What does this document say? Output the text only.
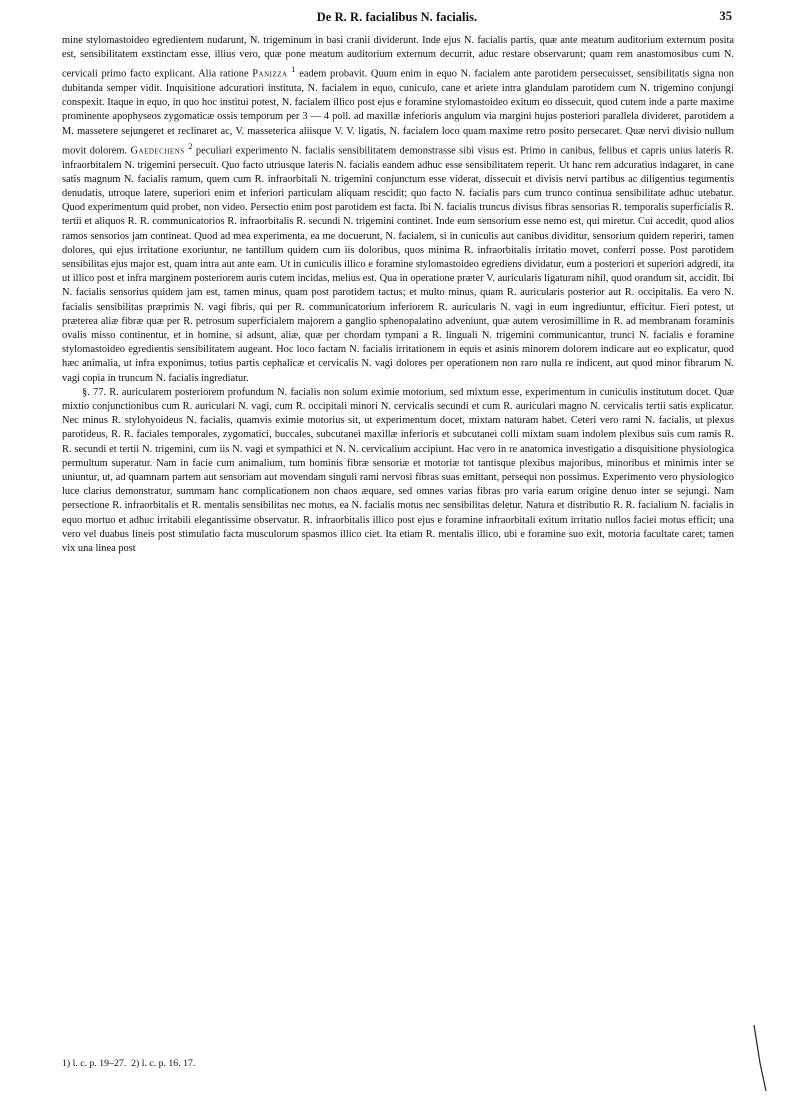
De R. R. facialibus N. facialis.	35

mine stylomastoideo egredientem nudarunt, N. trigeminum in basi cranii dividerunt. Inde ejus N. facialis partis, quæ ante meatum auditorium externum posita est, sensibilitatem exstinctam esse, illius vero, quæ pone meatum auditorium externum decurrit, aduc restare observarunt; quam rem anastomosibus cum N. cervicali primo facto explicant. Alia ratione Panizza $^1$ eadem probavit. Quum enim in equo N. facialem ante parotidem persecuisset, sensibilitatis signa non dubitanda semper vidit. Inquisitione adcuratiori instituta, N. facialem in equo, cuniculo, cane et ariete intra glandulam parotidem cum N. trigemino conjungi conspexit. Itaque in equo, in quo hoc institui potest, N. facialem illico post ejus e foramine stylomastoideo exitum eo dissecuit, quod cutem inde a parte maxime prominente apophyseos zygomaticæ ossis temporum per 3 — 4 poll. ad maxillæ inferioris angulum via margini hujus posteriori parallela divideret, parotidem a M. massetere sejungeret et reclinaret ac, V. masseterica aliisque V. V. ligatis, N. facialem loco quam maxime retro posito persecaret. Quæ nervi divisio nullum movit dolorem. Gaedechens $^2$ peculiari experimento N. facialis sensibilitatem demonstrasse sibi visus est. Primo in canibus, felibus et capris unius lateris R. infraorbitalem N. trigemini persecuit. Quo facto utriusque lateris N. facialis eandem adhuc esse sensibilitatem reperit. Ut hanc rem adcuratius indagaret, in cane satis magnum N. facialis ramum, quem cum R. infraorbitali N. trigemini conjunctum esse viderat, dissecuit et divisis nervi partibus ac diligentius tegumentis denudatis, utroque latere, superiori enim et inferiori particulam aliquam rescidit; quo facto N. facialis pars cum trunco continua sensibilitate adhuc utebatur. Quod experimentum quid probet, non video. Persectio enim post parotidem est facta. Ibi N. facialis truncus divisus fibras sensorias R. temporalis superficialis R. tertii et aliquos R. R. communicatorios R. infraorbitalis R. secundi N. trigemini continet. Inde eum sensorium esse nemo est, qui miretur. Cui accedit, quod alios ramos sensorios jam contineat. Quod ad mea experimenta, ea me docuerunt, N. facialem, si in cuniculis aut canibus dividitur, sensorium quidem reperiri, tamen dolores, qui ejus irritatione exoriuntur, ne tantillum quidem cum iis doloribus, quos minima R. infraorbitalis irritatio movet, conferri posse. Post parotidem sensibilitas ejus major est, quam intra aut ante eam. Ut in cuniculis illico e foramine stylomastoideo egrediens dividatur, eum a posteriori et superiori adgredi, ita ut illico post et infra marginem posteriorem auris cutem incidas, melius est. Qua in operatione præter V. auricularis ligaturam nihil, quod orandum sit, accidit. Ibi N. facialis sensorius quidem jam est, tamen minus, quam post parotidem tactus; et multo minus, quam R. auricularis posterior aut R. occipitalis. Ea vero N. facialis sensibilitas præprimis N. vagi fibris, qui per R. communicatorium inferiorem R. auricularis N. vagi in eum ingrediuntur, efficitur. Fieri potest, ut præterea aliæ fibræ quæ per R. petrosum superficialem majorem a ganglio sphenopalatino adveniunt, quæ autem verosimillime in R. ad membranam foraminis ovalis misso continentur, et in homine, si adsunt, aliæ, quæ per chordam tympani a R. linguali N. trigemini communicantur, trunci N. facialis e foramine stylomastoideo egredientis sensibilitatem augeant. Hoc loco factam N. facialis irritationem in equis et asinis minorem dolorem indicare aut eo explicatur, quod hæc animalia, ut infra exponimus, totius partis cephalicæ et cervicalis N. vagi dolores per operationem non raro nulla re indicent, aut quod minor fibrarum N. vagi copia in truncum N. facialis ingrediatur.

§. 77. R. auricularem posteriorem profundum N. facialis non solum eximie motorium, sed mixtum esse, experimentum in cuniculis institutum docet. Quæ mixtio conjunctionibus cum R. auriculari N. vagi, cum R. occipitali minori N. cervicalis secundi et cum R. auriculari magno N. cervicalis tertii satis explicatur. Nec minus R. stylohyoideus N. facialis, quamvis eximie motorius sit, ut experimentum docet, mixtam naturam habet. Ceteri vero rami N. facialis, ut plexus parotideus, R. R. faciales temporales, zygomatici, buccales, subcutanei maxillæ inferioris et subcutanei colli mixtam suam indolem plexibus suis cum ramis R. R. secundi et tertii N. trigemini, cum iis N. vagi et sympathici et N. N. cervicalium accipiunt. Hac vero in re anatomica investigatio a disquisitione physiologica permultum superatur. Nam in facie cum animalium, tum hominis fibræ sensoriæ et motoriæ tot tantisque plexibus majoribus, minoribus et minimis inter se uniuntur, ut, ad quamnam partem aut sensoriam aut movendam singuli rami nervosi fibras suas emittant, persequi non possimus. Experimento vero physiologico luce clarius demonstratur, summam hanc complicationem non chaos æquare, sed omnes varias fibras pro varia earum origine denuo inter se sejungi. Nam persectione R. infraorbitalis et R. mentalis sensibilitas nec motus, ea N. facialis motus nec sensibilitas deletur. Natura et distributio R. R. facialium N. facialis in equo mortuo et adhuc irritabili elegantissime observatur. R. infraorbitalis illico post ejus e foramine infraorbitali exitum irritatio nullos faciei motus efficit; una vero vel duabus lineis post stimulatio facta musculorum spasmos illico ciet. Ita etiam R. mentalis illico, ubi e foramine suo exit, motoria facultate caret; tamen vix una linea post

1) l. c. p. 19–27. 2) l. c. p. 16. 17.
